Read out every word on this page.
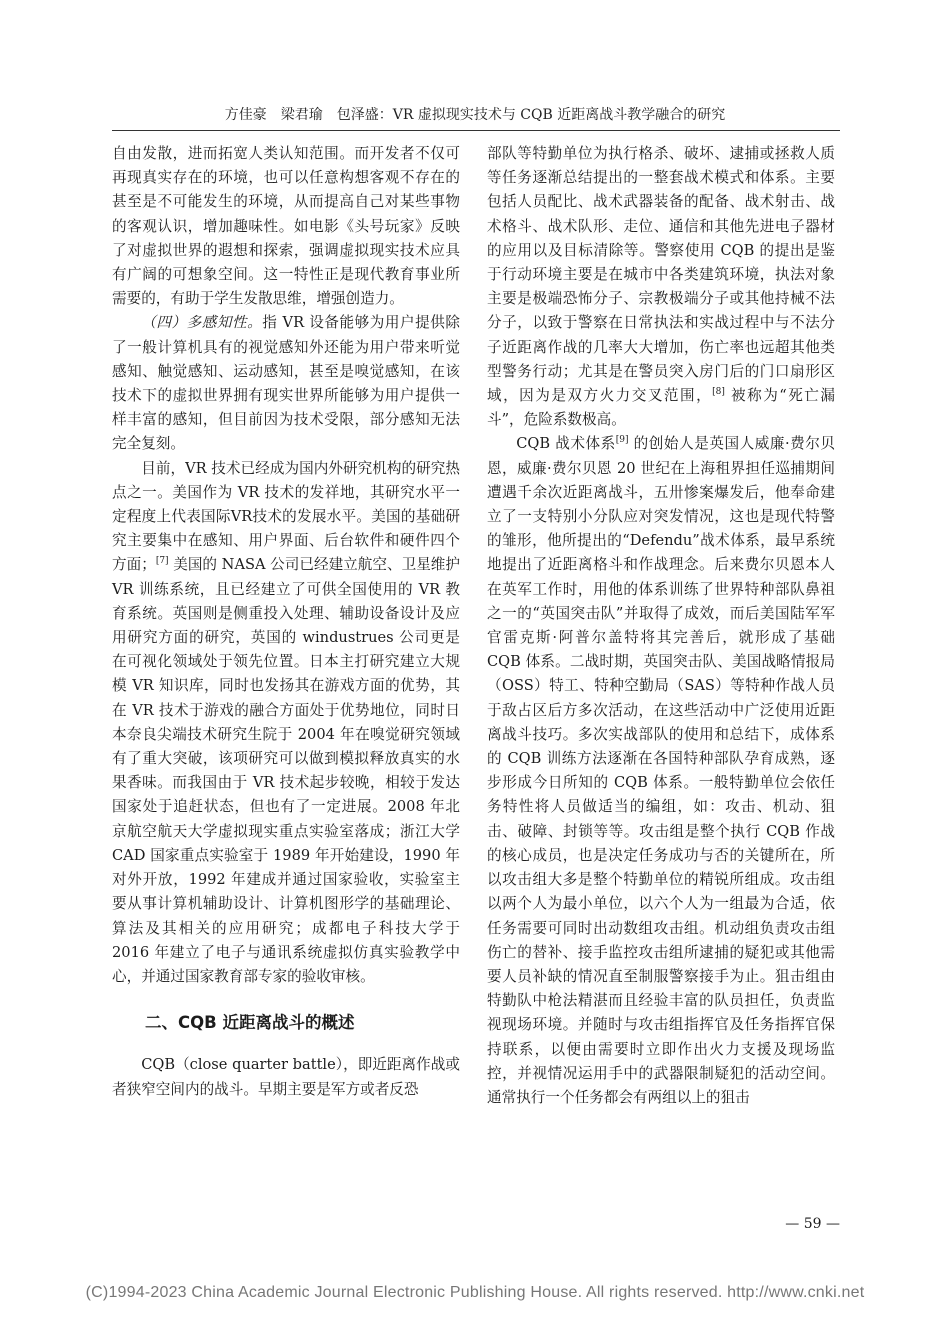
方佳豪　梁君瑜　包泽盛：VR 虚拟现实技术与 CQB 近距离战斗教学融合的研究

自由发散，进而拓宽人类认知范围。而开发者不仅可再现真实存在的环境，也可以任意构想客观不存在的甚至是不可能发生的环境，从而提高自己对某些事物的客观认识，增加趣味性。如电影《头号玩家》反映了对虚拟世界的遐想和探索，强调虚拟现实技术应具有广阔的可想象空间。这一特性正是现代教育事业所需要的，有助于学生发散思维，增强创造力。

（四）多感知性。指 VR 设备能够为用户提供除了一般计算机具有的视觉感知外还能为用户带来听觉感知、触觉感知、运动感知，甚至是嗅觉感知，在该技术下的虚拟世界拥有现实世界所能够为用户提供一样丰富的感知，但目前因为技术受限，部分感知无法完全复刻。

目前，VR 技术已经成为国内外研究机构的研究热点之一。美国作为 VR 技术的发祥地，其研究水平一定程度上代表国际VR技术的发展水平。美国的基础研究主要集中在感知、用户界面、后台软件和硬件四个方面；[7] 美国的 NASA 公司已经建立航空、卫星维护 VR 训练系统，且已经建立了可供全国使用的 VR 教育系统。英国则是侧重投入处理、辅助设备设计及应用研究方面的研究，英国的 windustrues 公司更是在可视化领域处于领先位置。日本主打研究建立大规模 VR 知识库，同时也发扬其在游戏方面的优势，其在 VR 技术于游戏的融合方面处于优势地位，同时日本奈良尖端技术研究生院于 2004 年在嗅觉研究领域有了重大突破，该项研究可以做到模拟释放真实的水果香味。而我国由于 VR 技术起步较晚，相较于发达国家处于追赶状态，但也有了一定进展。2008 年北京航空航天大学虚拟现实重点实验室落成；浙江大学 CAD 国家重点实验室于 1989 年开始建设，1990 年对外开放，1992 年建成并通过国家验收，实验室主要从事计算机辅助设计、计算机图形学的基础理论、算法及其相关的应用研究；成都电子科技大学于 2016 年建立了电子与通讯系统虚拟仿真实验教学中心，并通过国家教育部专家的验收审核。

二、CQB 近距离战斗的概述

CQB（close quarter battle），即近距离作战或者狭窄空间内的战斗。早期主要是军方或者反恐

部队等特勤单位为执行格杀、破坏、逮捕或拯救人质等任务逐渐总结提出的一整套战术模式和体系。主要包括人员配比、战术武器装备的配备、战术射击、战术格斗、战术队形、走位、通信和其他先进电子器材的应用以及目标清除等。警察使用 CQB 的提出是鉴于行动环境主要是在城市中各类建筑环境，执法对象主要是极端恐怖分子、宗教极端分子或其他持械不法分子，以致于警察在日常执法和实战过程中与不法分子近距离作战的几率大大增加，伤亡率也远超其他类型警务行动；尤其是在警员突入房门后的门口扇形区域，因为是双方火力交叉范围，[8] 被称为“死亡漏斗”，危险系数极高。

CQB 战术体系[9] 的创始人是英国人威廉·费尔贝恩，威廉·费尔贝恩 20 世纪在上海租界担任巡捕期间遭遇千余次近距离战斗，五卅惨案爆发后，他奉命建立了一支特别小分队应对突发情况，这也是现代特警的雏形，他所提出的“Defendu”战术体系，最早系统地提出了近距离格斗和作战理念。后来费尔贝恩本人在英军工作时，用他的体系训练了世界特种部队鼻祖之一的“英国突击队”并取得了成效，而后美国陆军军官雷克斯·阿普尔盖特将其完善后，就形成了基础 CQB 体系。二战时期，英国突击队、美国战略情报局（OSS）特工、特种空勤局（SAS）等特种作战人员于敌占区后方多次活动，在这些活动中广泛使用近距离战斗技巧。多次实战部队的使用和总结下，成体系的 CQB 训练方法逐渐在各国特种部队孕育成熟，逐步形成今日所知的 CQB 体系。一般特勤单位会依任务特性将人员做适当的编组，如：攻击、机动、狙击、破障、封锁等等。攻击组是整个执行 CQB 作战的核心成员，也是决定任务成功与否的关键所在，所以攻击组大多是整个特勤单位的精锐所组成。攻击组以两个人为最小单位，以六个人为一组最为合适，依任务需要可同时出动数组攻击组。机动组负责攻击组伤亡的替补、接手监控攻击组所逮捕的疑犯或其他需要人员补缺的情况直至制服警察接手为止。狙击组由特勤队中枪法精湛而且经验丰富的队员担任，负责监视现场环境。并随时与攻击组指挥官及任务指挥官保持联系，以便由需要时立即作出火力支援及现场监控，并视情况运用手中的武器限制疑犯的活动空间。通常执行一个任务都会有两组以上的狙击

— 59 —
(C)1994-2023 China Academic Journal Electronic Publishing House. All rights reserved. http://www.cnki.net
